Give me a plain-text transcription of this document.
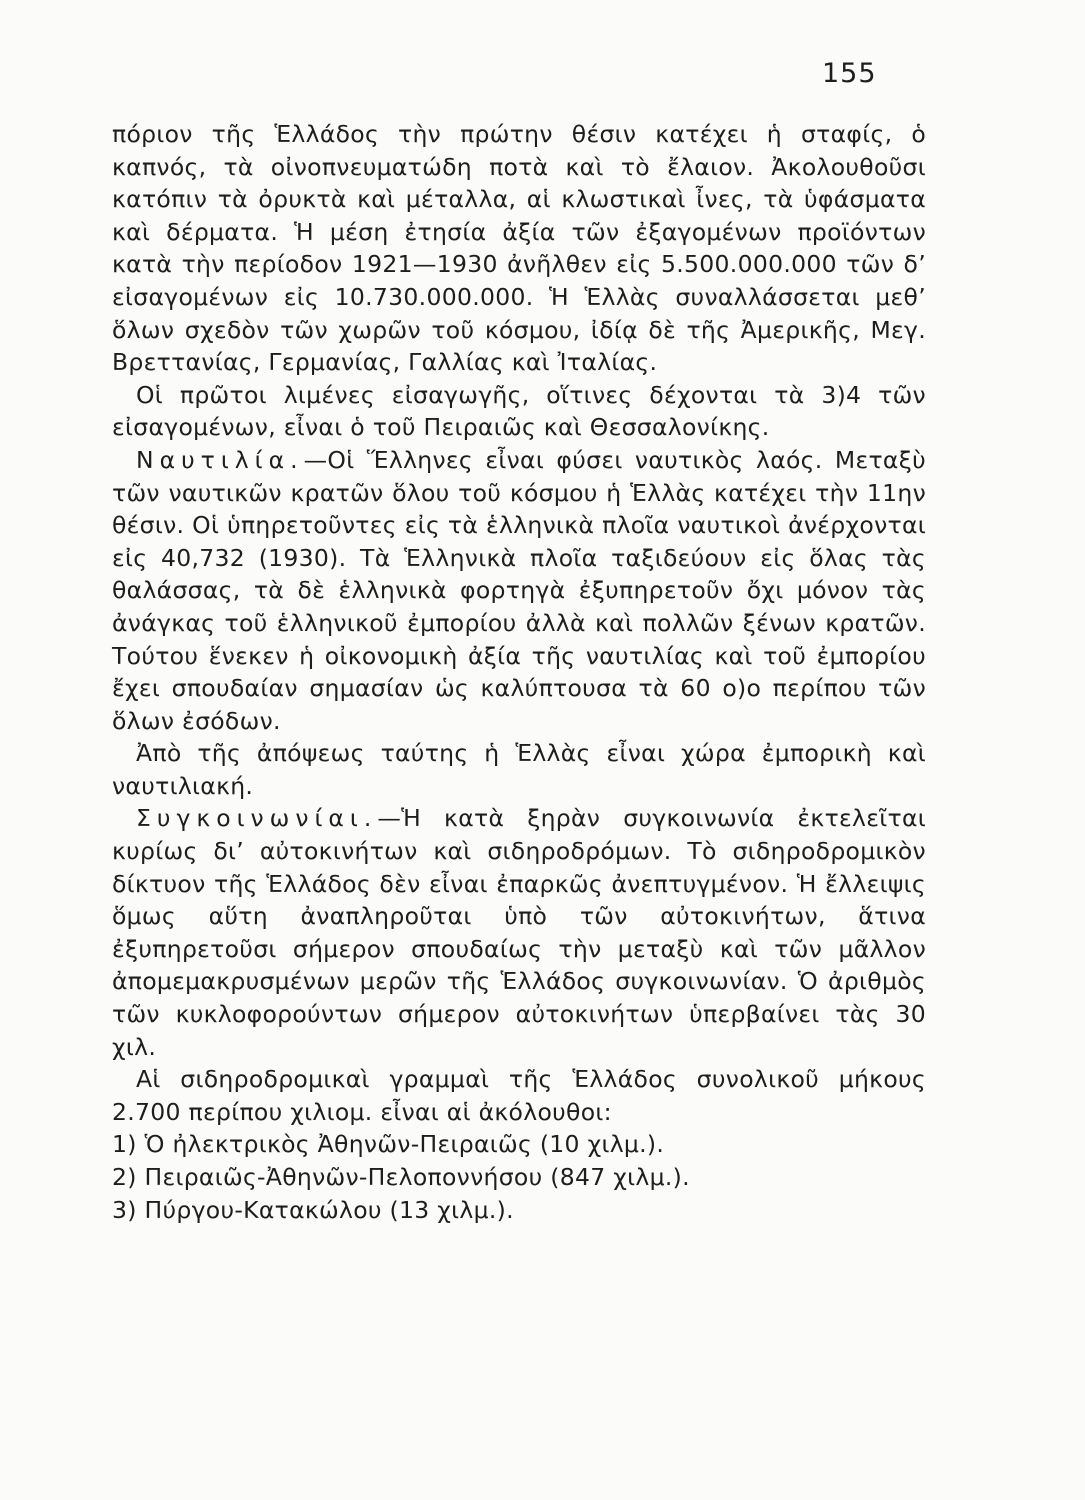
155

πόριον τῆς Ἑλλάδος τὴν πρώτην θέσιν κατέχει ἡ σταφίς, ὁ καπνός, τὰ οἰνοπνευματώδη ποτὰ καὶ τὸ ἔλαιον. Ἀκολουθοῦσι κατόπιν τὰ ὀρυκτὰ καὶ μέταλλα, αἱ κλωστικαὶ ἶνες, τὰ ὑφάσματα καὶ δέρματα. Ἡ μέση ἐτησία ἀξία τῶν ἐξαγομένων προϊόντων κατὰ τὴν περίοδον 1921—1930 ἀνῆλθεν εἰς 5.500.000.000 τῶν δ’ εἰσαγομένων εἰς 10.730.000.000. Ἡ Ἑλλὰς συναλλάσσεται μεθ’ ὅλων σχεδὸν τῶν χωρῶν τοῦ κόσμου, ἰδίᾳ δὲ τῆς Ἀμερικῆς, Μεγ. Βρεττανίας, Γερμανίας, Γαλλίας καὶ Ἰταλίας.

Οἱ πρῶτοι λιμένες εἰσαγωγῆς, οἵτινες δέχονται τὰ 3)4 τῶν εἰσαγομένων, εἶναι ὁ τοῦ Πειραιῶς καὶ Θεσσαλονίκης.

Ναυτιλία.—Οἱ Ἕλληνες εἶναι φύσει ναυτικὸς λαός. Μεταξὺ τῶν ναυτικῶν κρατῶν ὅλου τοῦ κόσμου ἡ Ἑλλὰς κατέχει τὴν 11ην θέσιν. Οἱ ὑπηρετοῦντες εἰς τὰ ἑλληνικὰ πλοῖα ναυτικοὶ ἀνέρχονται εἰς 40,732 (1930). Τὰ Ἑλληνικὰ πλοῖα ταξιδεύουν εἰς ὅλας τὰς θαλάσσας, τὰ δὲ ἑλληνικὰ φορτηγὰ ἐξυπηρετοῦν ὄχι μόνον τὰς ἀνάγκας τοῦ ἑλληνικοῦ ἐμπορίου ἀλλὰ καὶ πολλῶν ξένων κρατῶν. Τούτου ἕνεκεν ἡ οἰκονομικὴ ἀξία τῆς ναυτιλίας καὶ τοῦ ἐμπορίου ἔχει σπουδαίαν σημασίαν ὡς καλύπτουσα τὰ 60 ο)ο περίπου τῶν ὅλων ἐσόδων.

Ἀπὸ τῆς ἀπόψεως ταύτης ἡ Ἑλλὰς εἶναι χώρα ἐμπορικὴ καὶ ναυτιλιακή.

Συγκοινωνίαι.—Ἡ κατὰ ξηρὰν συγκοινωνία ἐκτελεῖται κυρίως δι’ αὐτοκινήτων καὶ σιδηροδρόμων. Τὸ σιδηροδρομικὸν δίκτυον τῆς Ἑλλάδος δὲν εἶναι ἐπαρκῶς ἀνεπτυγμένον. Ἡ ἔλλειψις ὅμως αὕτη ἀναπληροῦται ὑπὸ τῶν αὐτοκινήτων, ἅτινα ἐξυπηρετοῦσι σήμερον σπουδαίως τὴν μεταξὺ καὶ τῶν μᾶλλον ἀπομεμακρυσμένων μερῶν τῆς Ἑλλάδος συγκοινωνίαν. Ὁ ἀριθμὸς τῶν κυκλοφορούντων σήμερον αὐτοκινήτων ὑπερβαίνει τὰς 30 χιλ.

Αἱ σιδηροδρομικαὶ γραμμαὶ τῆς Ἑλλάδος συνολικοῦ μήκους 2.700 περίπου χιλιομ. εἶναι αἱ ἀκόλουθοι:

1) Ὁ ἠλεκτρικὸς Ἀθηνῶν-Πειραιῶς (10 χιλμ.).
2) Πειραιῶς-Ἀθηνῶν-Πελοποννήσου (847 χιλμ.).
3) Πύργου-Κατακώλου (13 χιλμ.).
